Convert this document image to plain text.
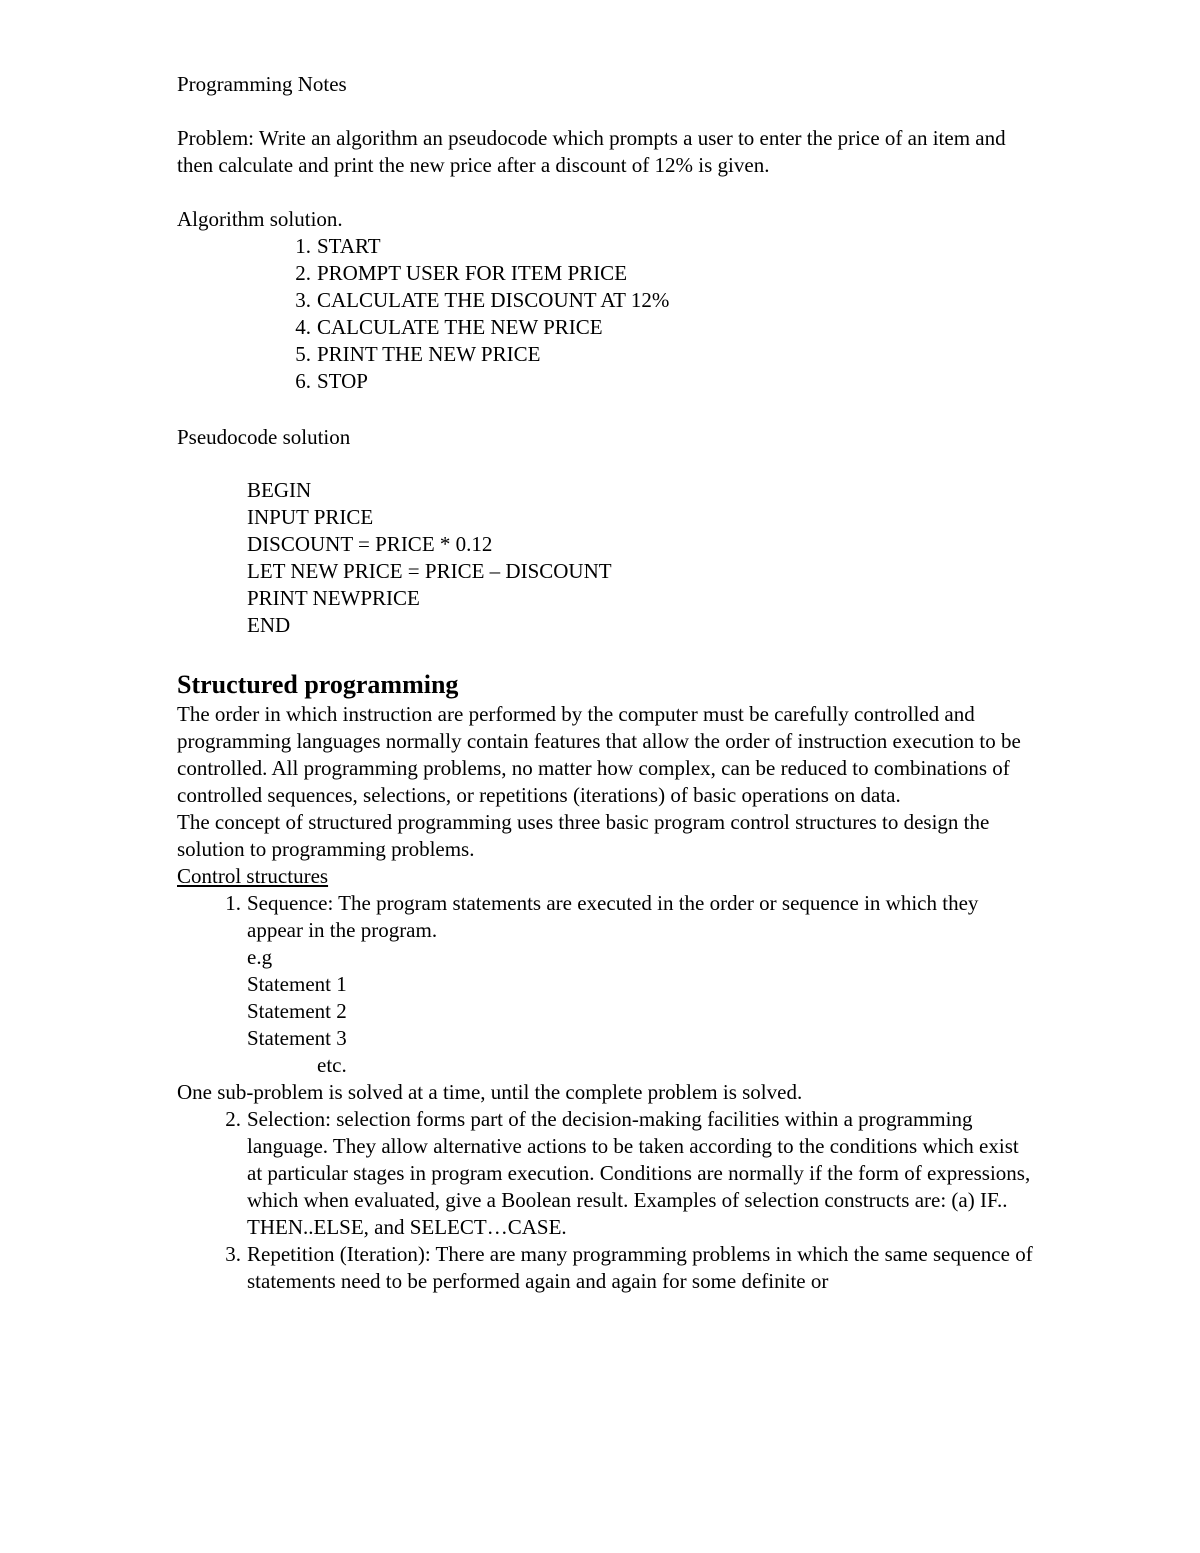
Programming Notes

Problem: Write an algorithm an pseudocode which prompts a user to enter the price of an item and then calculate and print the new price after a discount of 12% is given.

Algorithm solution.

1. START
2. PROMPT USER FOR ITEM PRICE
3. CALCULATE THE DISCOUNT AT 12%
4. CALCULATE THE NEW PRICE
5. PRINT THE NEW PRICE
6. STOP

Pseudocode solution

BEGIN

INPUT PRICE

DISCOUNT = PRICE * 0.12

LET NEW PRICE = PRICE – DISCOUNT

PRINT NEWPRICE

END

Structured programming

The order in which instruction are performed by the computer must be carefully controlled and programming languages normally contain features that allow the order of instruction execution to be controlled. All programming problems, no matter how complex, can be reduced to combinations of controlled sequences, selections, or repetitions (iterations) of basic operations on data.

The concept of structured programming uses three basic program control structures to design the solution to programming problems.

Control structures

1. Sequence: The program statements are executed in the order or sequence in which they appear in the program.

e.g

Statement 1

Statement 2

Statement 3

etc.

One sub-problem is solved at a time, until the complete problem is solved.

2. Selection: selection forms part of the decision-making facilities within a programming language. They allow alternative actions to be taken according to the conditions which exist at particular stages in program execution. Conditions are normally if the form of expressions, which when evaluated, give a Boolean result. Examples of selection constructs are: (a) IF.. THEN..ELSE, and SELECT…CASE.

3. Repetition (Iteration): There are many programming problems in which the same sequence of statements need to be performed again and again for some definite or
